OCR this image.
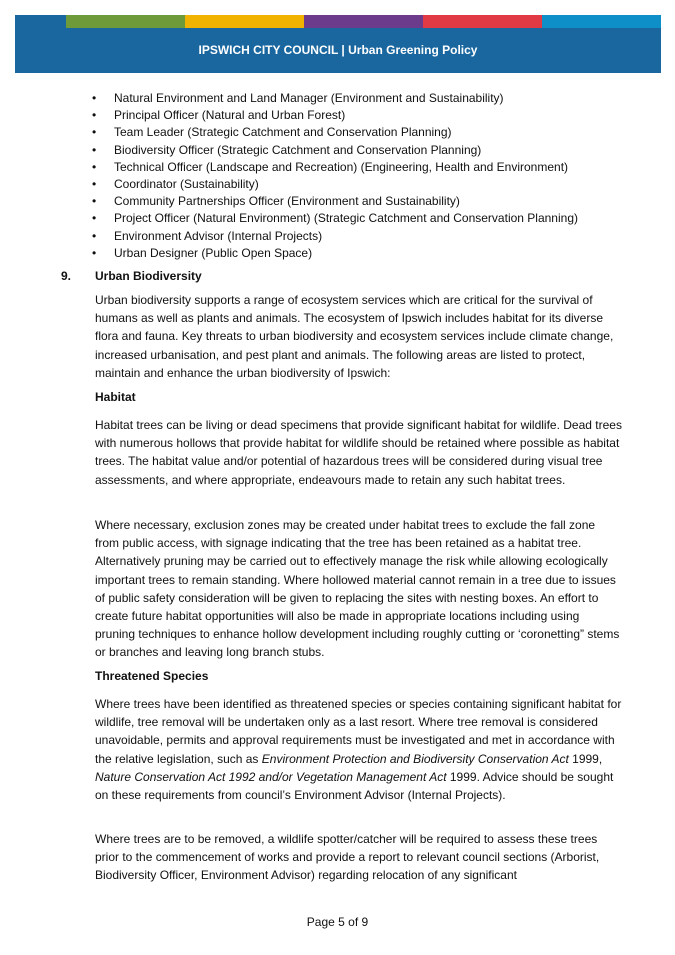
IPSWICH CITY COUNCIL | Urban Greening Policy
• Natural Environment and Land Manager (Environment and Sustainability)
• Principal Officer (Natural and Urban Forest)
• Team Leader (Strategic Catchment and Conservation Planning)
• Biodiversity Officer (Strategic Catchment and Conservation Planning)
• Technical Officer (Landscape and Recreation) (Engineering, Health and Environment)
• Coordinator (Sustainability)
• Community Partnerships Officer (Environment and Sustainability)
• Project Officer (Natural Environment) (Strategic Catchment and Conservation Planning)
• Environment Advisor (Internal Projects)
• Urban Designer (Public Open Space)
9. Urban Biodiversity

Urban biodiversity supports a range of ecosystem services which are critical for the survival of humans as well as plants and animals. The ecosystem of Ipswich includes habitat for its diverse flora and fauna. Key threats to urban biodiversity and ecosystem services include climate change, increased urbanisation, and pest plant and animals. The following areas are listed to protect, maintain and enhance the urban biodiversity of Ipswich:

Habitat

Habitat trees can be living or dead specimens that provide significant habitat for wildlife. Dead trees with numerous hollows that provide habitat for wildlife should be retained where possible as habitat trees. The habitat value and/or potential of hazardous trees will be considered during visual tree assessments, and where appropriate, endeavours made to retain any such habitat trees.

Where necessary, exclusion zones may be created under habitat trees to exclude the fall zone from public access, with signage indicating that the tree has been retained as a habitat tree. Alternatively pruning may be carried out to effectively manage the risk while allowing ecologically important trees to remain standing. Where hollowed material cannot remain in a tree due to issues of public safety consideration will be given to replacing the sites with nesting boxes. An effort to create future habitat opportunities will also be made in appropriate locations including using pruning techniques to enhance hollow development including roughly cutting or ‘coronetting” stems or branches and leaving long branch stubs.

Threatened Species

Where trees have been identified as threatened species or species containing significant habitat for wildlife, tree removal will be undertaken only as a last resort. Where tree removal is considered unavoidable, permits and approval requirements must be investigated and met in accordance with the relative legislation, such as Environment Protection and Biodiversity Conservation Act 1999, Nature Conservation Act 1992 and/or Vegetation Management Act 1999. Advice should be sought on these requirements from council’s Environment Advisor (Internal Projects).

Where trees are to be removed, a wildlife spotter/catcher will be required to assess these trees prior to the commencement of works and provide a report to relevant council sections (Arborist, Biodiversity Officer, Environment Advisor) regarding relocation of any significant

Page 5 of 9
